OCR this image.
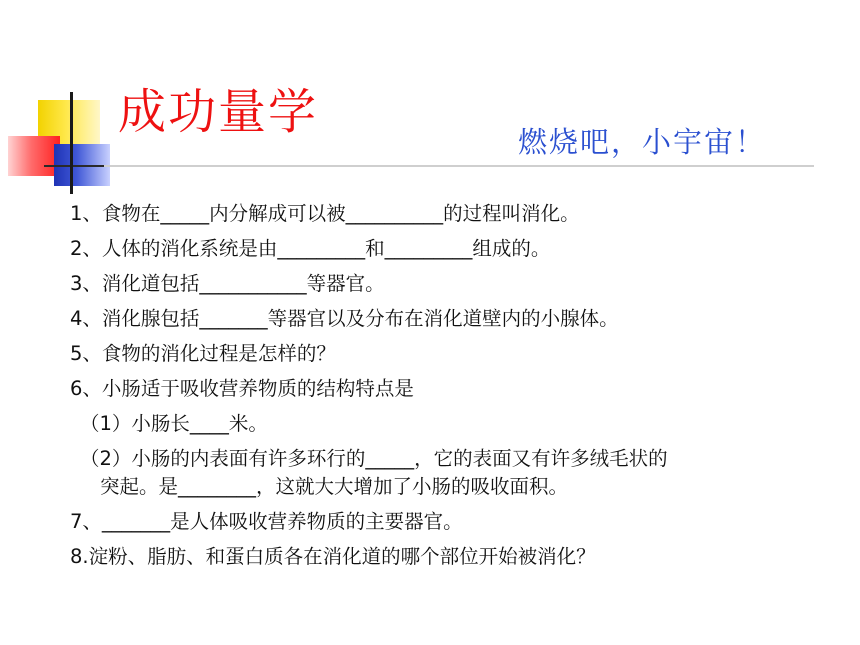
成功量学
燃烧吧，小宇宙！
1、食物在_____内分解成可以被__________的过程叫消化。
2、人体的消化系统是由_________和_________组成的。
3、消化道包括___________等器官。
4、消化腺包括_______等器官以及分布在消化道壁内的小腺体。
5、食物的消化过程是怎样的？
6、小肠适于吸收营养物质的结构特点是
（1）小肠长____米。
（2）小肠的内表面有许多环行的_____，它的表面又有许多绒毛状的
突起。是________，这就大大增加了小肠的吸收面积。
7、_______是人体吸收营养物质的主要器官。
8.淀粉、脂肪、和蛋白质各在消化道的哪个部位开始被消化？
